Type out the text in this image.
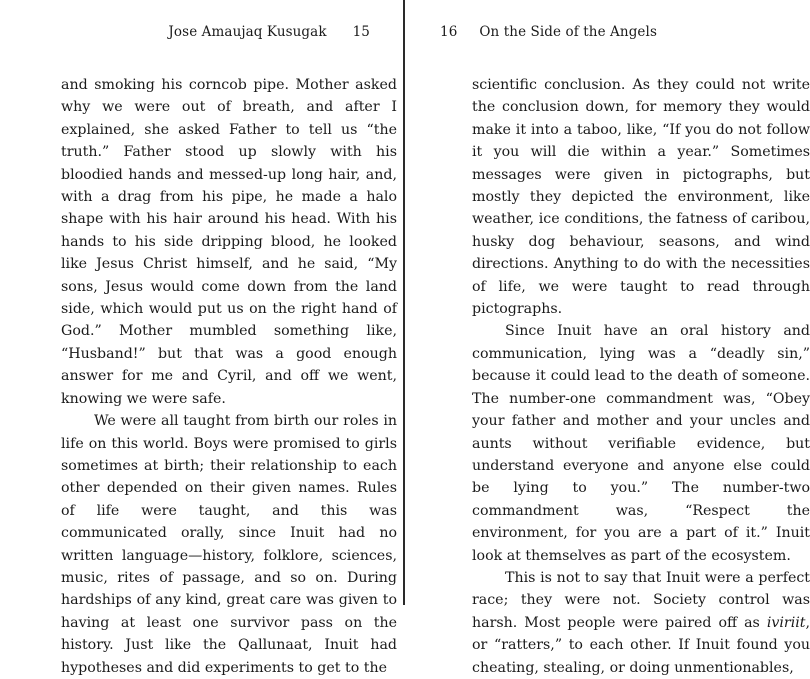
Jose Amaujaq Kusugak 15

and smoking his corncob pipe. Mother asked why we were out of breath, and after I explained, she asked Father to tell us “the truth.” Father stood up slowly with his bloodied hands and messed-up long hair, and, with a drag from his pipe, he made a halo shape with his hair around his head. With his hands to his side dripping blood, he looked like Jesus Christ himself, and he said, “My sons, Jesus would come down from the land side, which would put us on the right hand of God.” Mother mumbled something like, “Husband!” but that was a good enough answer for me and Cyril, and off we went, knowing we were safe.

We were all taught from birth our roles in life on this world. Boys were promised to girls sometimes at birth; their relationship to each other depended on their given names. Rules of life were taught, and this was communicated orally, since Inuit had no written language—history, folklore, sciences, music, rites of passage, and so on. During hardships of any kind, great care was given to having at least one survivor pass on the history. Just like the Qallunaat, Inuit had hypotheses and did experiments to get to the

16 On the Side of the Angels

scientific conclusion. As they could not write the conclusion down, for memory they would make it into a taboo, like, “If you do not follow it you will die within a year.” Sometimes messages were given in pictographs, but mostly they depicted the environment, like weather, ice conditions, the fatness of caribou, husky dog behaviour, seasons, and wind directions. Anything to do with the necessities of life, we were taught to read through pictographs.

Since Inuit have an oral history and communication, lying was a “deadly sin,” because it could lead to the death of someone. The number-one commandment was, “Obey your father and mother and your uncles and aunts without verifiable evidence, but understand everyone and anyone else could be lying to you.” The number-two commandment was, “Respect the environment, for you are a part of it.” Inuit look at themselves as part of the ecosystem.

This is not to say that Inuit were a perfect race; they were not. Society control was harsh. Most people were paired off as iviriit, or “ratters,” to each other. If Inuit found you cheating, stealing, or doing unmentionables,
